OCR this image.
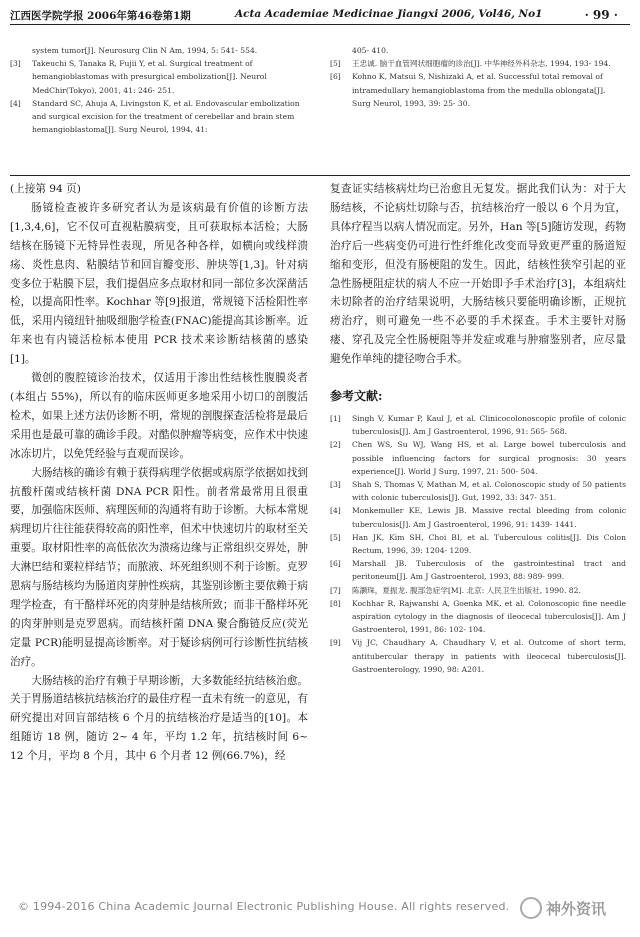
江西医学院学报 2006年第46卷第1期	Acta Academiae Medicinae Jiangxi 2006, Vol46, No1	· 99 ·
system tumor[J]. Neurosurg Clin N Am, 1994, 5: 541- 554.
[3]	Takeuchi S, Tanaka R, Fujii Y, et al. Surgical treatment of hemangioblastomas with presurgical embolization[J]. Neurol MedChir(Tokyo), 2001, 41: 246- 251.
[4]	Standard SC, Ahuja A, Livingston K, et al. Endovascular embolization and surgical excision for the treatment of cerebellar and brain stem hemangioblastoma[J]. Surg Neurol, 1994, 41:
405- 410.
[5]	王忠诚. 脑干血管网状细胞瘤的诊治[J]. 中华神经外科杂志, 1994, 193- 194.
[6]	Kohno K, Matsui S, Nishizaki A, et al. Successful total removal of intramedullary hemangioblastoma from the medulla oblongata[J]. Surg Neurol, 1993, 39: 25- 30.
(上接第 94 页)

肠镜检查被许多研究者认为是该病最有价值的诊断方法[1,3,4,6]，它不仅可直视粘膜病变，且可获取标本活检；大肠结核在肠镜下无特异性表现，所见各种各样，如横向或线样溃疡、炎性息肉、粘膜结节和回盲瓣变形、肿块等[1,3]。针对病变多位于粘膜下层，我们提倡应多点取材和同一部位多次深凿活检，以提高阳性率。Kochhar 等[9]报道，常规镜下活检阳性率低，采用内镜纽针抽吸细胞学检查(FNAC)能提高其诊断率。近年来也有内镜活检标本使用 PCR 技术来诊断结核菌的感染[1]。

微创的腹腔镜诊治技术，仅适用于渗出性结核性腹膜炎者(本组占 55%)，所以有的临床医师更多地采用小切口的剖腹活检术，如果上述方法仍诊断不明，常规的剖腹探查活检将是最后采用也是最可靠的确诊手段。对酷似肿瘤等病变，应作术中快速冰冻切片，以免凭经验与直观而误诊。

大肠结核的确诊有赖于获得病理学依据或病原学依据如找到抗酸杆菌或结核杆菌 DNA PCR 阳性。前者常最常用且很重要，加强临床医师、病理医师的沟通将有助于诊断。大标本常规病理切片往往能获得较高的阳性率，但术中快速切片的取材至关重要。取材阳性率的高低依次为溃疡边缘与正常组织交界处，肿大淋巴结和粟粒样结节；而脓液、坏死组织则不利于诊断。克罗恩病与肠结核均为肠道肉芽肿性疾病，其鉴别诊断主要依赖于病理学检查，有干酪样坏死的肉芽肿是结核所致；而非干酪样坏死的肉芽肿则是克罗恩病。而结核杆菌 DNA 聚合酶链反应(荧光定量 PCR)能明显提高诊断率。对于疑诊病例可行诊断性抗结核治疗。

大肠结核的治疗有赖于早期诊断，大多数能经抗结核治愈。关于胃肠道结核抗结核治疗的最佳疗程一直未有统一的意见，有研究提出对回盲部结核 6 个月的抗结核治疗是适当的[10]。本组随访 18 例，随访 2~ 4 年，平均 1.2 年，抗结核时间 6~ 12 个月，平均 8 个月，其中 6 个月者 12 例(66.7%)，经

复查证实结核病灶均已治愈且无复发。据此我们认为：对于大肠结核，不论病灶切除与否，抗结核治疗一般以 6 个月为宜，具体疗程当以病人情况而定。另外，Han 等[5]随访发现，药物治疗后一些病变仍可进行性纤维化改变而导致更严重的肠道短缩和变形，但没有肠梗阻的发生。因此，结核性狭窄引起的亚急性肠梗阻症状的病人不应一开始即予手术治疗[3]，本组病灶未切除者的治疗结果说明，大肠结核只要能明确诊断，正规抗痨治疗，则可避免一些不必要的手术探查。手术主要针对肠瘘、穿孔及完全性肠梗阻等并发症或难与肿瘤鉴别者，应尽量避免作单纯的捷径吻合手术。
参考文献:
[1]	Singh V, Kumar P, Kaul J, et al. Clinicocolonoscopic profile of colonic tuberculosis[J]. Am J Gastroenterol, 1996, 91: 565- 568.
[2]	Chen WS, Su WJ, Wang HS, et al. Large bowel tuberculosis and possible influencing factors for surgical prognosis: 30 years experience[J]. World J Surg, 1997, 21: 500- 504.
[3]	Shah S, Thomas V, Mathan M, et al. Colonoscopic study of 50 patients with colonic tuberculosis[J]. Gut, 1992, 33: 347- 351.
[4]	Monkemuller KE, Lewis JB. Massive rectal bleeding from colonic tuberculosis[J]. Am J Gastroenterol, 1996, 91: 1439- 1441.
[5]	Han JK, Kim SH, Choi BI, et al. Tuberculous colitis[J]. Dis Colon Rectum, 1996, 39: 1204- 1209.
[6]	Marshall JB. Tuberculosis of the gastrointestinal tract and peritoneum[J]. Am J Gastroenterol, 1993, 88: 989- 999.
[7]	陈灏珠，夏振龙. 腹部急症学[M]. 北京: 人民卫生出版社, 1990. 82.
[8]	Kochhar R, Rajwanshi A, Goenka MK, et al. Colonoscopic fine needle aspiration cytology in the diagnosis of ileocecal tuberculosis[J]. Am J Gastroenterol, 1991, 86: 102- 104.
[9]	Vij JC, Chaudhary A, Chaudhary V, et al. Outcome of short term, antitubercular therapy in patients with ileocecal tuberculosis[J]. Gastroenterology, 1990, 98: A201.
© 1994-2016 China Academic Journal Electronic Publishing House. All rights reserved. 神外资讯
